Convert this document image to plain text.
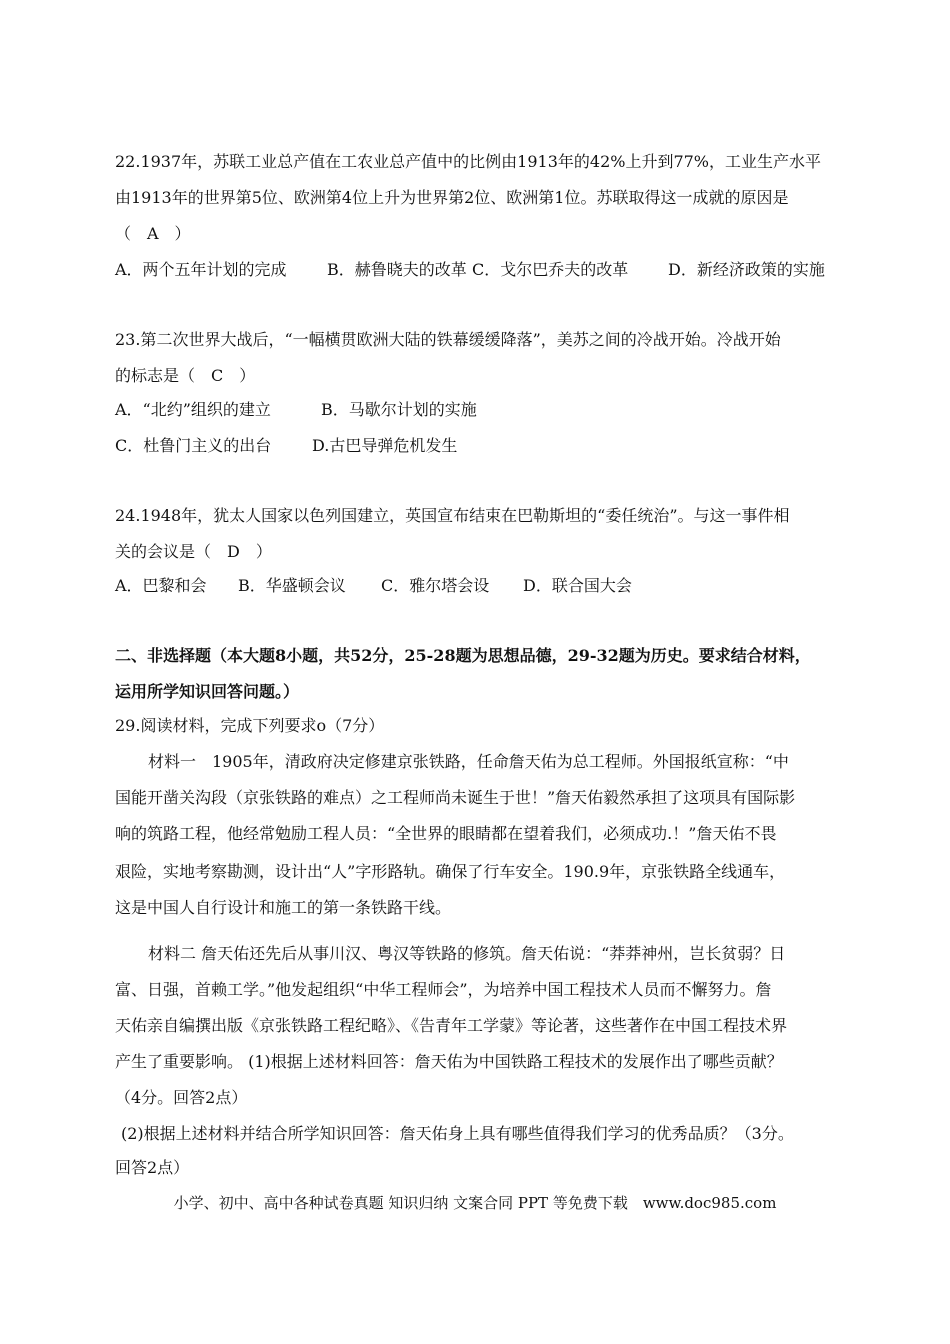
22.1937年，苏联工业总产值在工农业总产值中的比例由1913年的42%上升到77%，工业生产水平
由1913年的世界第5位、欧洲第4位上升为世界第2位、欧洲第1位。苏联取得这一成就的原因是
（　A　）
A．两个五年计划的完成	B．赫鲁晓夫的改革 C．戈尔巴乔夫的改革 D．新经济政策的实施
23.第二次世界大战后，“一幅横贯欧洲大陆的铁幕缓缓降落”，美苏之间的冷战开始。冷战开始
的标志是（　C　）
A．“北约”组织的建立	B．马歇尔计划的实施
C．杜鲁门主义的出台	D.古巴导弹危机发生
24.1948年，犹太人国家以色列国建立，英国宣布结束在巴勒斯坦的“委任统治”。与这一事件相
关的会议是（　D　）
A．巴黎和会 B．华盛顿会议 C．雅尔塔会设 D．联合国大会
二、非选择题（本大题8小题，共52分，25-28题为思想品德，29-32题为历史。要求结合材料，
运用所学知识回答问题。）
29.阅读材料，完成下列要求o（7分）
材料一　1905年，清政府决定修建京张铁路，任命詹天佑为总工程师。外国报纸宣称：“中
国能开凿关沟段（京张铁路的难点）之工程师尚未诞生于世！”詹天佑毅然承担了这项具有国际影
响的筑路工程，他经常勉励工程人员：“全世界的眼睛都在望着我们，必须成功.！”詹天佑不畏
艰险，实地考察勘测，设计出“人”字形路轨。确保了行车安全。190.9年，京张铁路全线通车，
这是中国人自行设计和施工的第一条铁路干线。
材料二 詹天佑还先后从事川汉、粤汉等铁路的修筑。詹天佑说：“莽莽神州，岂长贫弱？日
富、日强，首赖工学。”他发起组织“中华工程师会”，为培养中国工程技术人员而不懈努力。詹
天佑亲自编撰出版《京张铁路工程纪略》、《告青年工学蒙》等论著，这些著作在中国工程技术界
产生了重要影响。 (1)根据上述材料回答：詹天佑为中国铁路工程技术的发展作出了哪些贡献？
（4分。回答2点）
(2)根据上述材料并结合所学知识回答：詹天佑身上具有哪些值得我们学习的优秀品质？（3分。
回答2点）
小学、初中、高中各种试卷真题 知识归纳 文案合同 PPT 等免费下载　www.doc985.com
